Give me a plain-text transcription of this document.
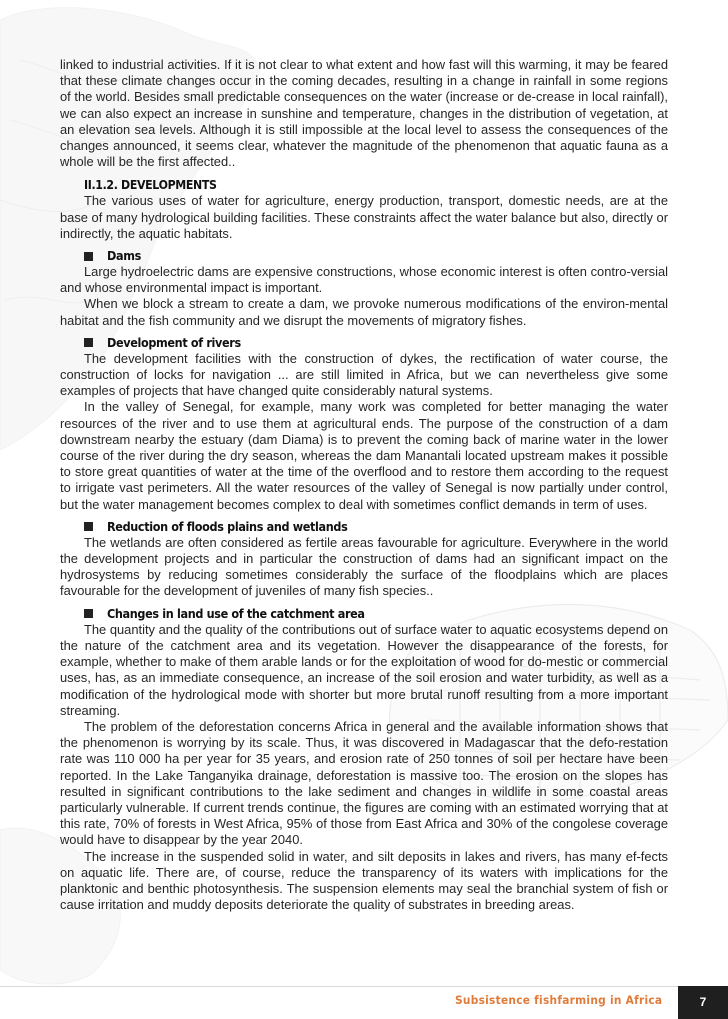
linked to industrial activities. If it is not clear to what extent and how fast will this warming, it may be feared that these climate changes occur in the coming decades, resulting in a change in rainfall in some regions of the world. Besides small predictable consequences on the water (increase or de-crease in local rainfall), we can also expect an increase in sunshine and temperature, changes in the distribution of vegetation, at an elevation sea levels. Although it is still impossible at the local level to assess the consequences of the changes announced, it seems clear, whatever the magnitude of the phenomenon that aquatic fauna as a whole will be the first affected..

II.1.2. DEVELOPMENTS

The various uses of water for agriculture, energy production, transport, domestic needs, are at the base of many hydrological building facilities. These constraints affect the water balance but also, directly or indirectly, the aquatic habitats.

Dams

Large hydroelectric dams are expensive constructions, whose economic interest is often contro-versial and whose environmental impact is important.

When we block a stream to create a dam, we provoke numerous modifications of the environ-mental habitat and the fish community and we disrupt the movements of migratory fishes.

Development of rivers

The development facilities with the construction of dykes, the rectification of water course, the construction of locks for navigation ... are still limited in Africa, but we can nevertheless give some examples of projects that have changed quite considerably natural systems.

In the valley of Senegal, for example, many work was completed for better managing the water resources of the river and to use them at agricultural ends. The purpose of the construction of a dam downstream nearby the estuary (dam Diama) is to prevent the coming back of marine water in the lower course of the river during the dry season, whereas the dam Manantali located upstream makes it possible to store great quantities of water at the time of the overflood and to restore them according to the request to irrigate vast perimeters. All the water resources of the valley of Senegal is now partially under control, but the water management becomes complex to deal with sometimes conflict demands in term of uses.

Reduction of floods plains and wetlands

The wetlands are often considered as fertile areas favourable for agriculture. Everywhere in the world the development projects and in particular the construction of dams had an significant impact on the hydrosystems by reducing sometimes considerably the surface of the floodplains which are places favourable for the development of juveniles of many fish species..

Changes in land use of the catchment area

The quantity and the quality of the contributions out of surface water to aquatic ecosystems depend on the nature of the catchment area and its vegetation. However the disappearance of the forests, for example, whether to make of them arable lands or for the exploitation of wood for do-mestic or commercial uses, has, as an immediate consequence, an increase of the soil erosion and water turbidity, as well as a modification of the hydrological mode with shorter but more brutal runoff resulting from a more important streaming.

The problem of the deforestation concerns Africa in general and the available information shows that the phenomenon is worrying by its scale. Thus, it was discovered in Madagascar that the defo-restation rate was 110 000 ha per year for 35 years, and erosion rate of 250 tonnes of soil per hectare have been reported. In the Lake Tanganyika drainage, deforestation is massive too. The erosion on the slopes has resulted in significant contributions to the lake sediment and changes in wildlife in some coastal areas particularly vulnerable. If current trends continue, the figures are coming with an estimated worrying that at this rate, 70% of forests in West Africa, 95% of those from East Africa and 30% of the congolese coverage would have to disappear by the year 2040.

The increase in the suspended solid in water, and silt deposits in lakes and rivers, has many ef-fects on aquatic life. There are, of course, reduce the transparency of its waters with implications for the planktonic and benthic photosynthesis. The suspension elements may seal the branchial system of fish or cause irritation and muddy deposits deteriorate the quality of substrates in breeding areas.

Subsistence fishfarming in Africa	7
